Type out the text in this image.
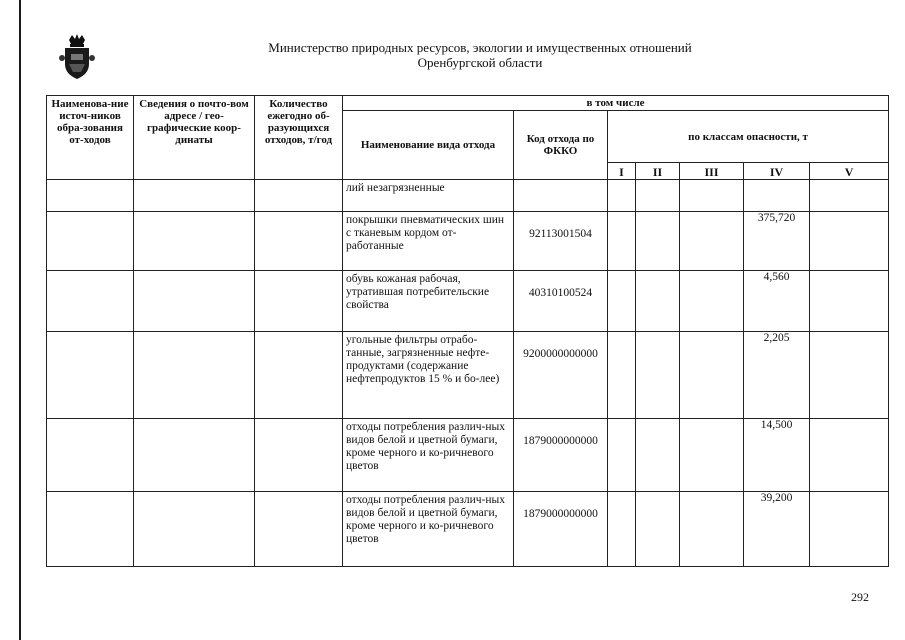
Министерство природных ресурсов, экологии и имущественных отношений
Оренбургской области
Наименова-ние источ-ников обра-зования от-ходов	Сведения о почто-вом адресе / гео-графические коор-динаты	Количество ежегодно об-разующихся отходов, т/год	в том числе						
			Наименование вида отхода	Код отхода по ФККО	по классам опасности, т				
					I	II	III	IV	V

			лий незагрязненные						

			покрышки пневматических шин с тканевым кордом от-работанные	92113001504				375,720	

			обувь кожаная рабочая, утратившая потребительские свойства	40310100524				4,560	

			угольные фильтры отрабо-танные, загрязненные нефте-продуктами (содержание нефтепродуктов 15 % и бо-лее)	9200000000000				2,205	

			отходы потребления различ-ных видов белой и цветной бумаги, кроме черного и ко-ричневого цветов	1879000000000				14,500	

			отходы потребления различ-ных видов белой и цветной бумаги, кроме черного и ко-ричневого цветов	1879000000000				39,200	
292
